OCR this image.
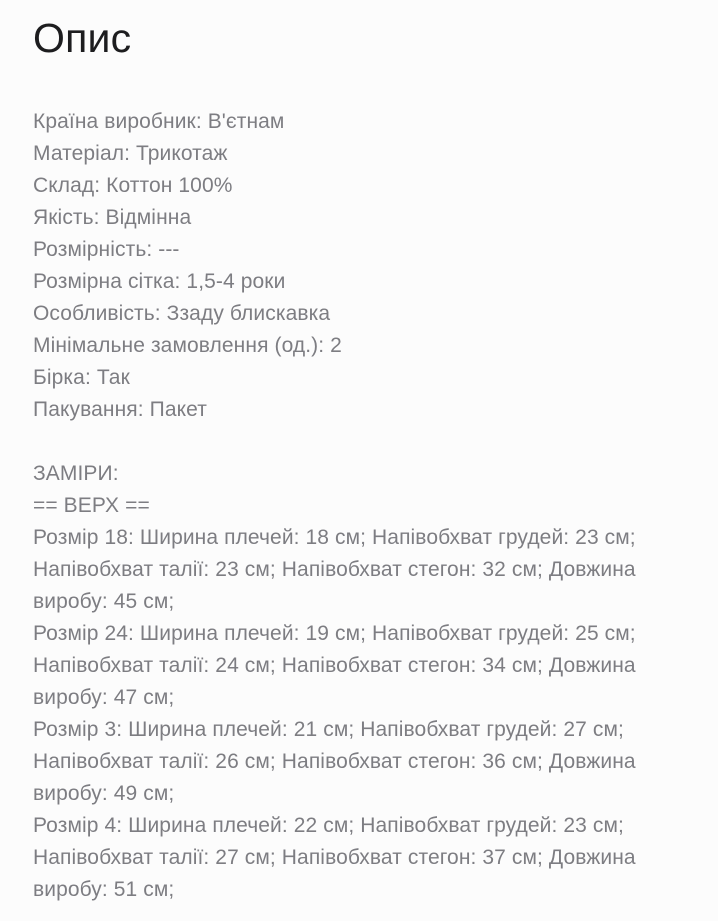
Опис
Країна виробник: В'єтнам
Матеріал: Трикотаж
Склад: Коттон 100%
Якість: Відмінна
Розмірність: ---
Розмірна сітка: 1,5-4 роки
Особливість: Ззаду блискавка
Мінімальне замовлення (од.): 2
Бірка: Так
Пакування: Пакет
ЗАМІРИ:
== ВЕРХ ==
Розмір 18: Ширина плечей: 18 см; Напівобхват грудей: 23 см;
Напівобхват талії: 23 см; Напівобхват стегон: 32 см; Довжина
виробу: 45 см;
Розмір 24: Ширина плечей: 19 см; Напівобхват грудей: 25 см;
Напівобхват талії: 24 см; Напівобхват стегон: 34 см; Довжина
виробу: 47 см;
Розмір 3: Ширина плечей: 21 см; Напівобхват грудей: 27 см;
Напівобхват талії: 26 см; Напівобхват стегон: 36 см; Довжина
виробу: 49 см;
Розмір 4: Ширина плечей: 22 см; Напівобхват грудей: 23 см;
Напівобхват талії: 27 см; Напівобхват стегон: 37 см; Довжина
виробу: 51 см;
